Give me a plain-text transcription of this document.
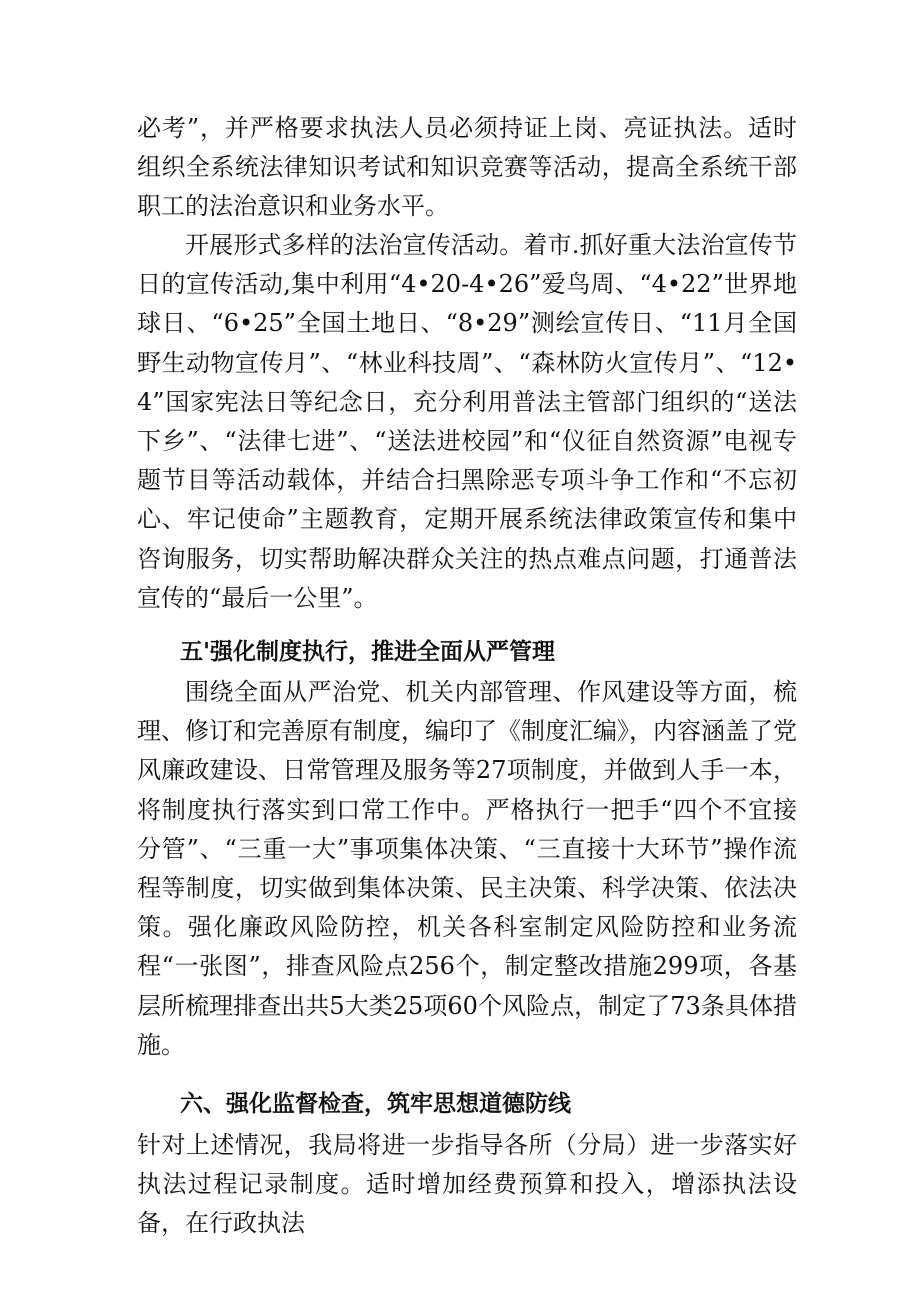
必考”，并严格要求执法人员必须持证上岗、亮证执法。适时组织全系统法律知识考试和知识竞赛等活动，提高全系统干部职工的法治意识和业务水平。

开展形式多样的法治宣传活动。着市.抓好重大法治宣传节日的宣传活动,集中利用“4•20-4•26”爱鸟周、“4•22”世界地球日、“6•25”全国土地日、“8•29”测绘宣传日、“11月全国野生动物宣传月”、“林业科技周”、“森林防火宣传月”、“12•4”国家宪法日等纪念日，充分利用普法主管部门组织的“送法下乡”、“法律七进”、“送法进校园”和“仪征自然资源”电视专题节目等活动载体，并结合扫黑除恶专项斗争工作和“不忘初心、牢记使命”主题教育，定期开展系统法律政策宣传和集中咨询服务，切实帮助解决群众关注的热点难点问题，打通普法宣传的“最后一公里”。

五'强化制度执行，推进全面从严管理

围绕全面从严治党、机关内部管理、作风建设等方面，梳理、修订和完善原有制度，编印了《制度汇编》，内容涵盖了党风廉政建设、日常管理及服务等27项制度，并做到人手一本，将制度执行落实到口常工作中。严格执行一把手“四个不宜接分管”、“三重一大”事项集体决策、“三直接十大环节”操作流程等制度，切实做到集体决策、民主决策、科学决策、依法决策。强化廉政风险防控，机关各科室制定风险防控和业务流程“一张图”，排查风险点256个，制定整改措施299项，各基层所梳理排查出共5大类25项60个风险点，制定了73条具体措施。

六、强化监督检查，筑牢思想道德防线

针对上述情况，我局将进一步指导各所（分局）进一步落实好执法过程记录制度。适时增加经费预算和投入，增添执法设备，在行政执法
